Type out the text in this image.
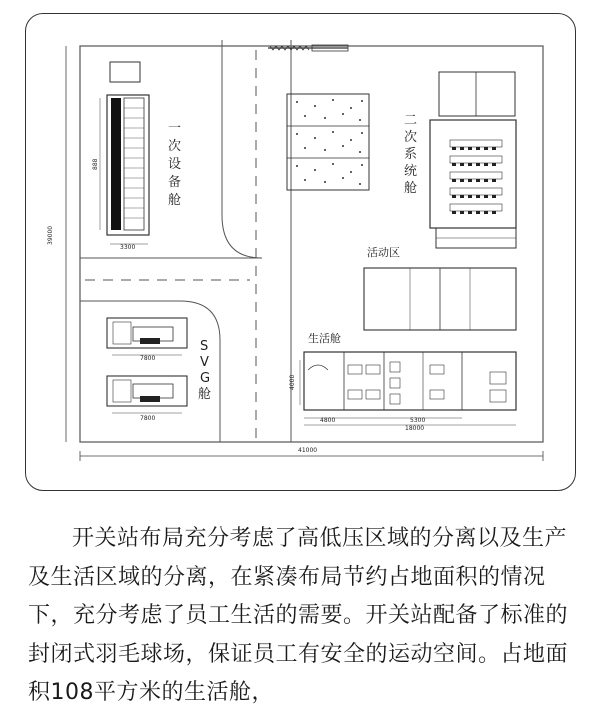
39000
41000
888
3300
一次设备舱
7800
7800
S V G 舱
二次系统舱
活动区
生活舱
4800	5300
18000
4000
开关站布局充分考虑了高低压区域的分离以及生产及生活区域的分离，在紧凑布局节约占地面积的情况下，充分考虑了员工生活的需要。开关站配备了标准的封闭式羽毛球场，保证员工有安全的运动空间。占地面积108平方米的生活舱，
